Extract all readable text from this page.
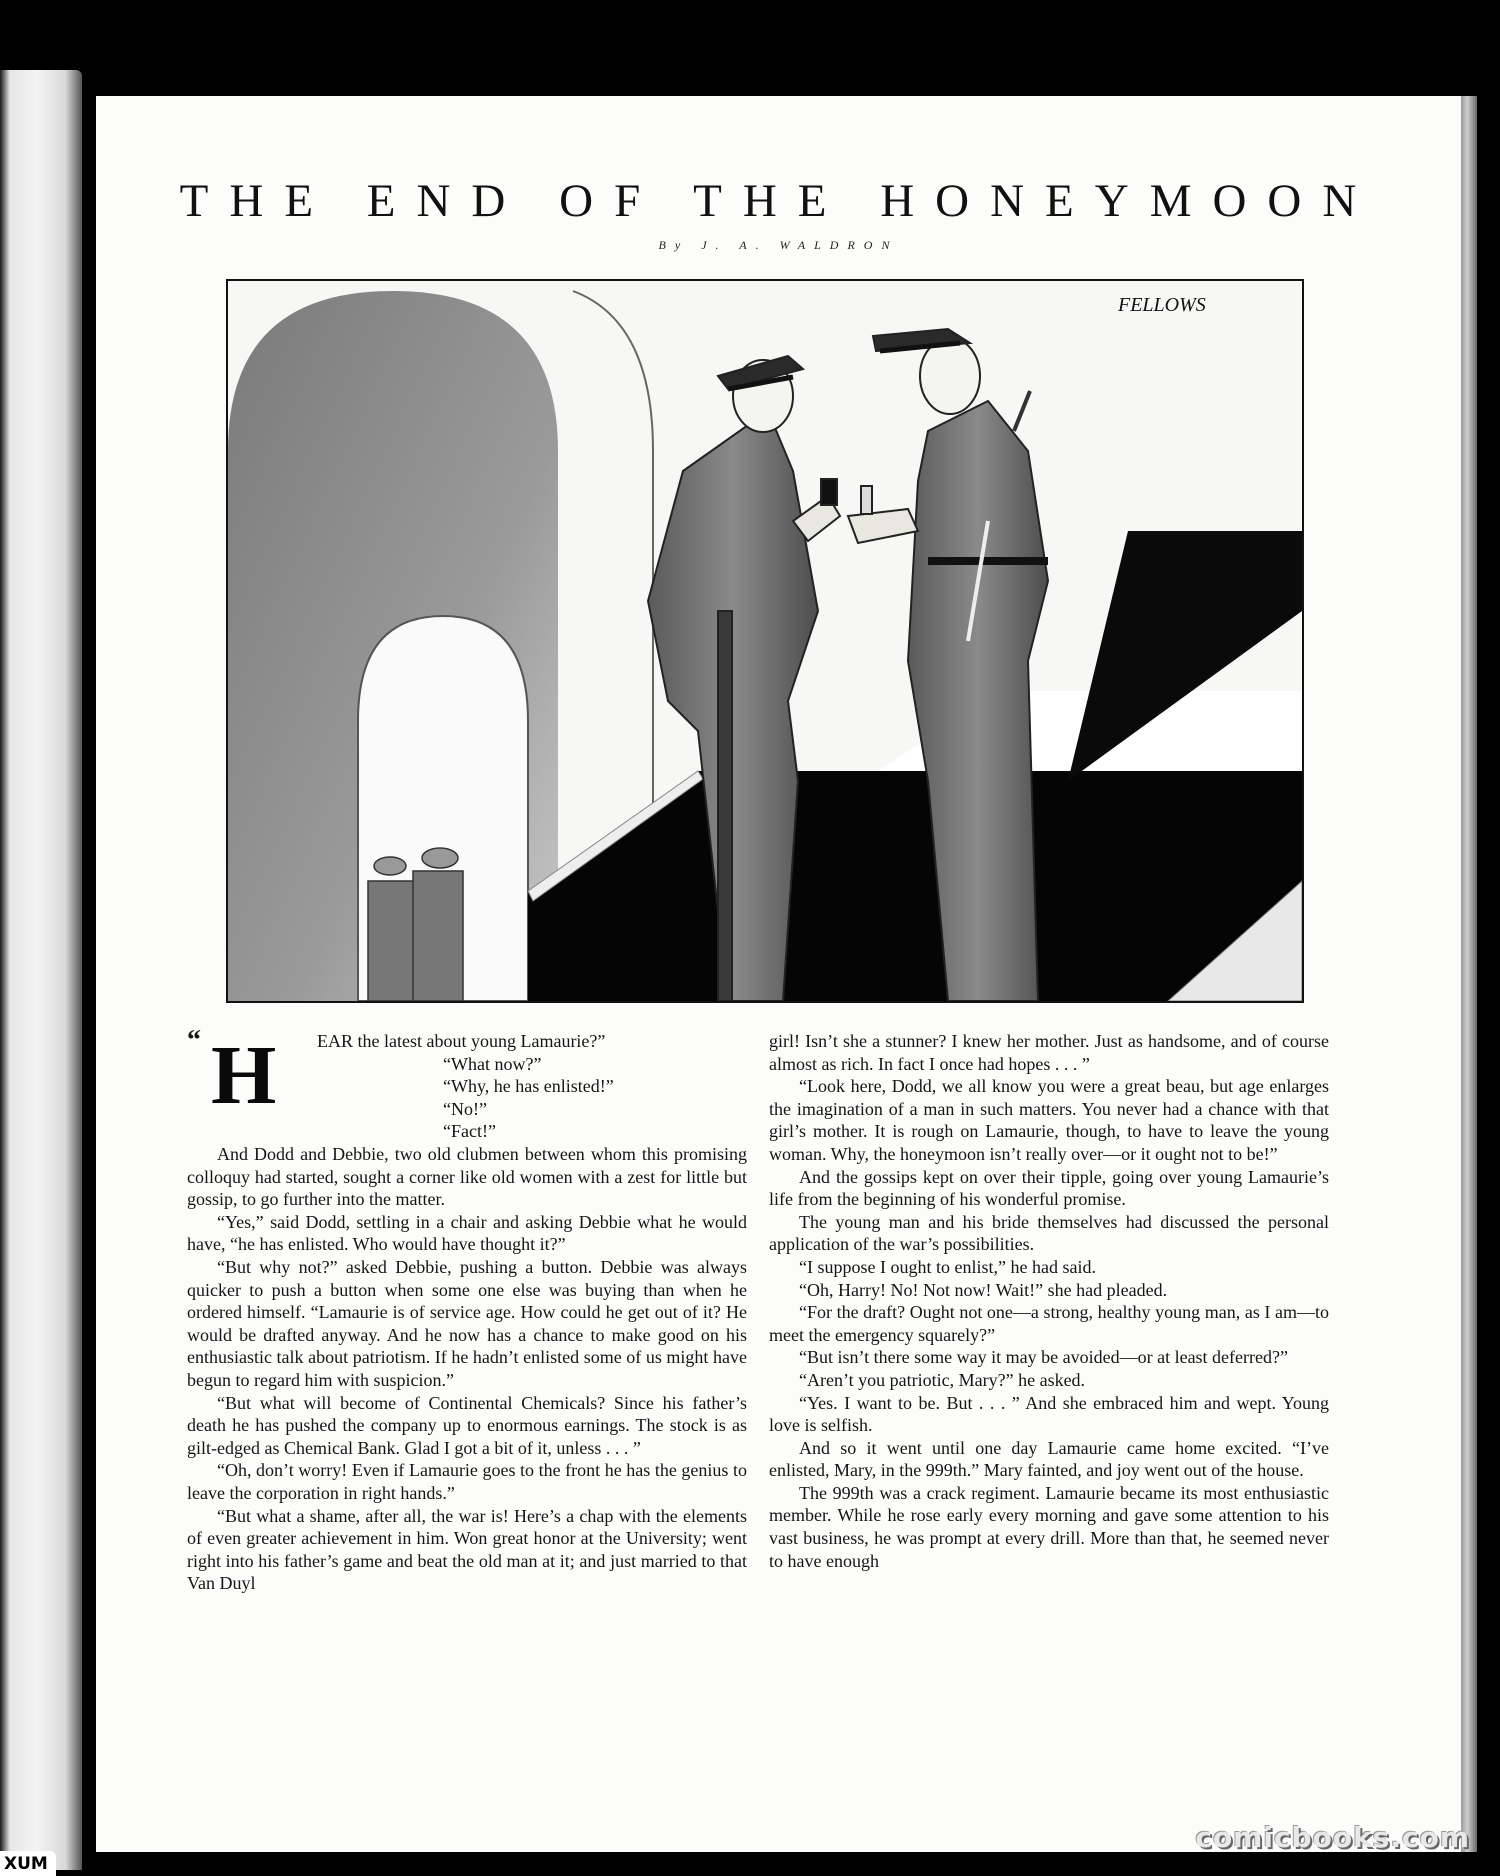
THE END OF THE HONEYMOON
By J. A. WALDRON
FELLOWS
“ H EAR the latest about young Lamaurie?”

“What now?”

“Why, he has enlisted!”

“No!”

“Fact!”

And Dodd and Debbie, two old clubmen between whom this promising colloquy had started, sought a corner like old women with a zest for little but gossip, to go further into the matter.

“Yes,” said Dodd, settling in a chair and asking Debbie what he would have, “he has enlisted. Who would have thought it?”

“But why not?” asked Debbie, pushing a button. Debbie was always quicker to push a button when some one else was buying than when he ordered himself. “Lamaurie is of service age. How could he get out of it? He would be drafted anyway. And he now has a chance to make good on his enthusiastic talk about patriotism. If he hadn’t enlisted some of us might have begun to regard him with suspicion.”

“But what will become of Continental Chemicals? Since his father’s death he has pushed the company up to enormous earnings. The stock is as gilt-edged as Chemical Bank. Glad I got a bit of it, unless . . . ”

“Oh, don’t worry! Even if Lamaurie goes to the front he has the genius to leave the corporation in right hands.”

“But what a shame, after all, the war is! Here’s a chap with the elements of even greater achievement in him. Won great honor at the University; went right into his father’s game and beat the old man at it; and just married to that Van Duyl

girl! Isn’t she a stunner? I knew her mother. Just as handsome, and of course almost as rich. In fact I once had hopes . . . ”

“Look here, Dodd, we all know you were a great beau, but age enlarges the imagination of a man in such matters. You never had a chance with that girl’s mother. It is rough on Lamaurie, though, to have to leave the young woman. Why, the honeymoon isn’t really over—or it ought not to be!”

And the gossips kept on over their tipple, going over young Lamaurie’s life from the beginning of his wonderful promise.

The young man and his bride themselves had discussed the personal application of the war’s possibilities.

“I suppose I ought to enlist,” he had said.

“Oh, Harry! No! Not now! Wait!” she had pleaded.

“For the draft? Ought not one—a strong, healthy young man, as I am—to meet the emergency squarely?”

“But isn’t there some way it may be avoided—or at least deferred?”

“Aren’t you patriotic, Mary?” he asked.

“Yes. I want to be. But . . . ” And she embraced him and wept. Young love is selfish.

And so it went until one day Lamaurie came home excited. “I’ve enlisted, Mary, in the 999th.” Mary fainted, and joy went out of the house.

The 999th was a crack regiment. Lamaurie became its most enthusiastic member. While he rose early every morning and gave some attention to his vast business, he was prompt at every drill. More than that, he seemed never to have enough

comicbooks.com
XUM
